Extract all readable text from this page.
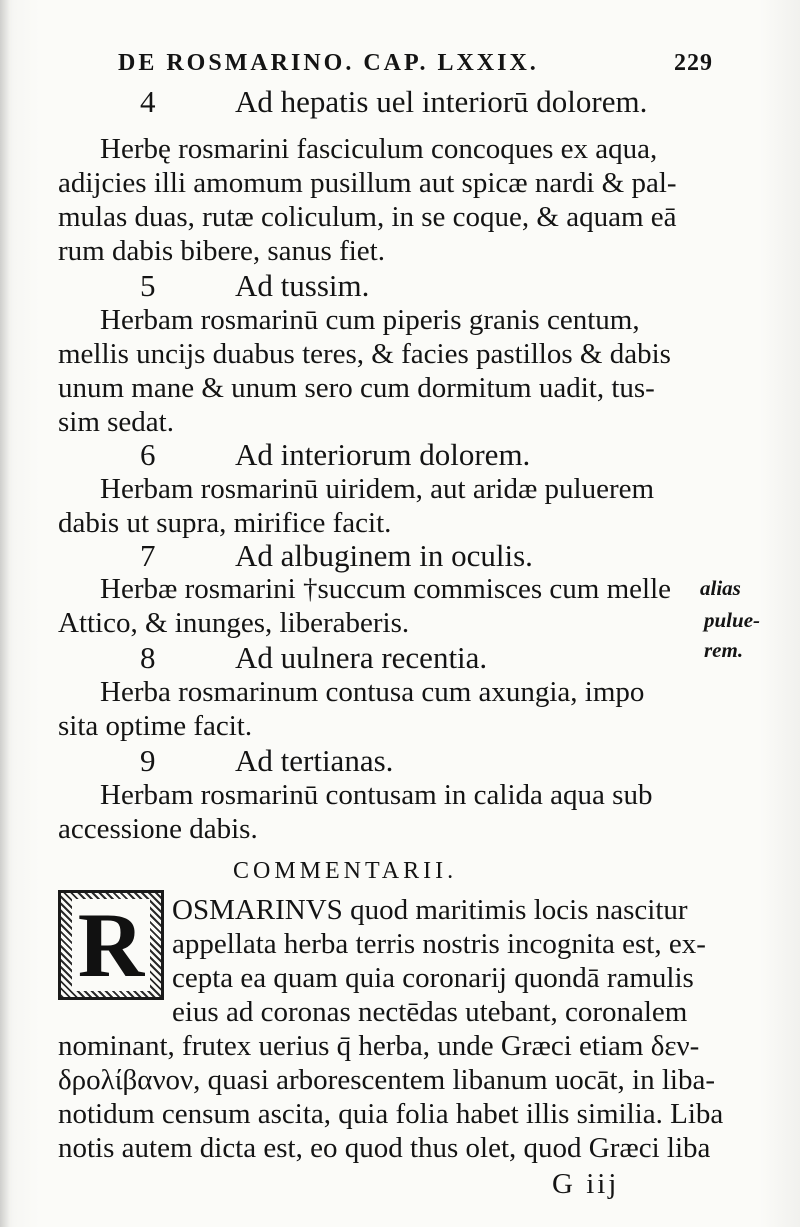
DE ROSMARINO. CAP. LXXIX.	229
4	Ad hepatis uel interiorū dolorem.
Herbę rosmarini fasciculum concoques ex aqua,
adijcies illi amomum pusillum aut spicæ nardi & pal-
mulas duas, rutæ coliculum, in se coque, & aquam eā
rum dabis bibere, sanus fiet.
5	Ad tussim.
Herbam rosmarinū cum piperis granis centum,
mellis uncijs duabus teres, & facies pastillos & dabis
unum mane & unum sero cum dormitum uadit, tus-
sim sedat.
6	Ad interiorum dolorem.
Herbam rosmarinū uiridem, aut aridæ puluerem
dabis ut supra, mirifice facit.
7	Ad albuginem in oculis.
Herbæ rosmarini †succum commisces cum melle
Attico, & inunges, liberaberis.
alias
pulue-
rem.
8	Ad uulnera recentia.
Herba rosmarinum contusa cum axungia, impo
sita optime facit.
9	Ad tertianas.
Herbam rosmarinū contusam in calida aqua sub
accessione dabis.
COMMENTARII.
R OSMARINVS quod maritimis locis nascitur
appellata herba terris nostris incognita est, ex-
cepta ea quam quia coronarij quondā ramulis
eius ad coronas nectēdas utebant, coronalem
nominant, frutex uerius q̄ herba, unde Græci etiam δεν-
δρολίβανον, quasi arborescentem libanum uocāt, in liba-
notidum censum ascita, quia folia habet illis similia. Liba
notis autem dicta est, eo quod thus olet, quod Græci liba
G iij
